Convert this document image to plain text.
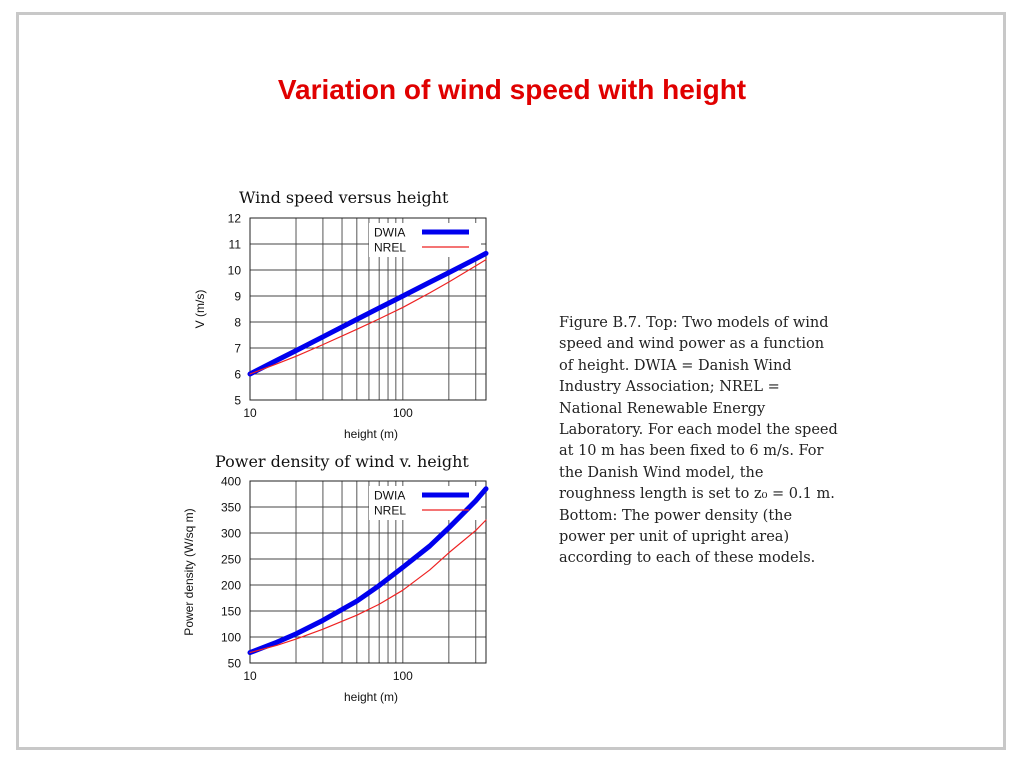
Variation of wind speed with height
Wind speed versus height
Power density of wind v. height
5
6
7
8
9
10
11
12
10	100
DWIA
NREL
height (m)
V (m/s)
50
100
150
200
250
300
350
400
10	100
DWIA
NREL
height (m)
Power density (W/sq m)
Figure B.7. Top: Two models of wind
speed and wind power as a function
of height. DWIA = Danish Wind
Industry Association; NREL =
National Renewable Energy
Laboratory. For each model the speed
at 10 m has been fixed to 6 m/s. For
the Danish Wind model, the
roughness length is set to z₀ = 0.1 m.
Bottom: The power density (the
power per unit of upright area)
according to each of these models.
